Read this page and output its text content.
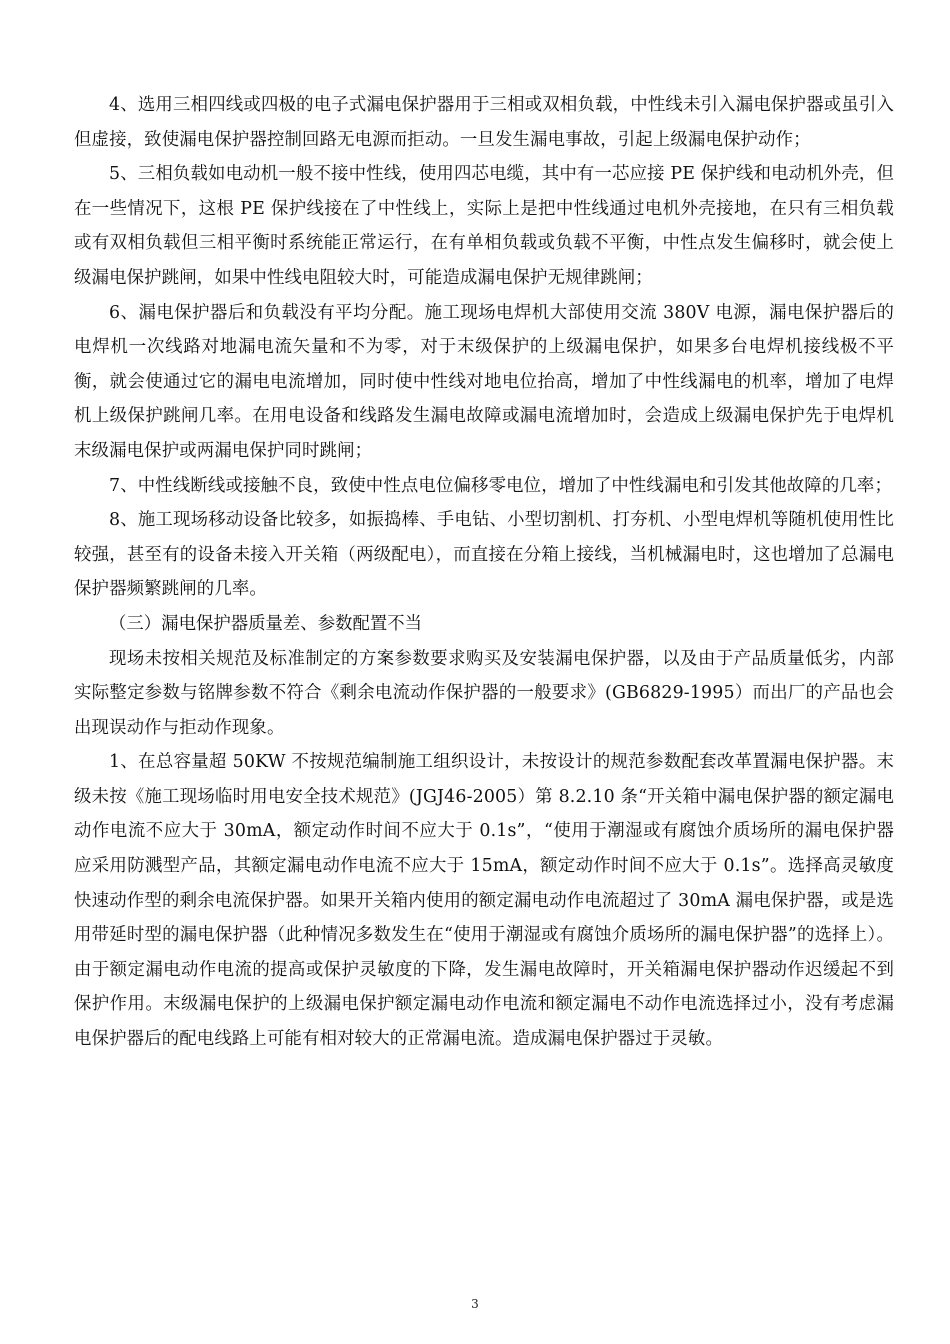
4、选用三相四线或四极的电子式漏电保护器用于三相或双相负载，中性线未引入漏电保护器或虽引入但虚接，致使漏电保护器控制回路无电源而拒动。一旦发生漏电事故，引起上级漏电保护动作；

5、三相负载如电动机一般不接中性线，使用四芯电缆，其中有一芯应接 PE 保护线和电动机外壳，但在一些情况下，这根 PE 保护线接在了中性线上，实际上是把中性线通过电机外壳接地，在只有三相负载或有双相负载但三相平衡时系统能正常运行，在有单相负载或负载不平衡，中性点发生偏移时，就会使上级漏电保护跳闸，如果中性线电阻较大时，可能造成漏电保护无规律跳闸；

6、漏电保护器后和负载没有平均分配。施工现场电焊机大部使用交流 380V 电源，漏电保护器后的电焊机一次线路对地漏电流矢量和不为零，对于末级保护的上级漏电保护，如果多台电焊机接线极不平衡，就会使通过它的漏电电流增加，同时使中性线对地电位抬高，增加了中性线漏电的机率，增加了电焊机上级保护跳闸几率。在用电设备和线路发生漏电故障或漏电流增加时，会造成上级漏电保护先于电焊机末级漏电保护或两漏电保护同时跳闸；

7、中性线断线或接触不良，致使中性点电位偏移零电位，增加了中性线漏电和引发其他故障的几率；

8、施工现场移动设备比较多，如振捣棒、手电钻、小型切割机、打夯机、小型电焊机等随机使用性比较强，甚至有的设备未接入开关箱（两级配电），而直接在分箱上接线，当机械漏电时，这也增加了总漏电保护器频繁跳闸的几率。

（三）漏电保护器质量差、参数配置不当

现场未按相关规范及标准制定的方案参数要求购买及安装漏电保护器，以及由于产品质量低劣，内部实际整定参数与铭牌参数不符合《剩余电流动作保护器的一般要求》(GB6829-1995）而出厂的产品也会出现误动作与拒动作现象。

1、在总容量超 50KW 不按规范编制施工组织设计，未按设计的规范参数配套改革置漏电保护器。末级未按《施工现场临时用电安全技术规范》(JGJ46-2005）第 8.2.10 条“开关箱中漏电保护器的额定漏电动作电流不应大于 30mA，额定动作时间不应大于 0.1s”，“使用于潮湿或有腐蚀介质场所的漏电保护器应采用防溅型产品，其额定漏电动作电流不应大于 15mA，额定动作时间不应大于 0.1s”。选择高灵敏度快速动作型的剩余电流保护器。如果开关箱内使用的额定漏电动作电流超过了 30mA 漏电保护器，或是选用带延时型的漏电保护器（此种情况多数发生在“使用于潮湿或有腐蚀介质场所的漏电保护器”的选择上）。由于额定漏电动作电流的提高或保护灵敏度的下降，发生漏电故障时，开关箱漏电保护器动作迟缓起不到保护作用。末级漏电保护的上级漏电保护额定漏电动作电流和额定漏电不动作电流选择过小，没有考虑漏电保护器后的配电线路上可能有相对较大的正常漏电流。造成漏电保护器过于灵敏。

3
